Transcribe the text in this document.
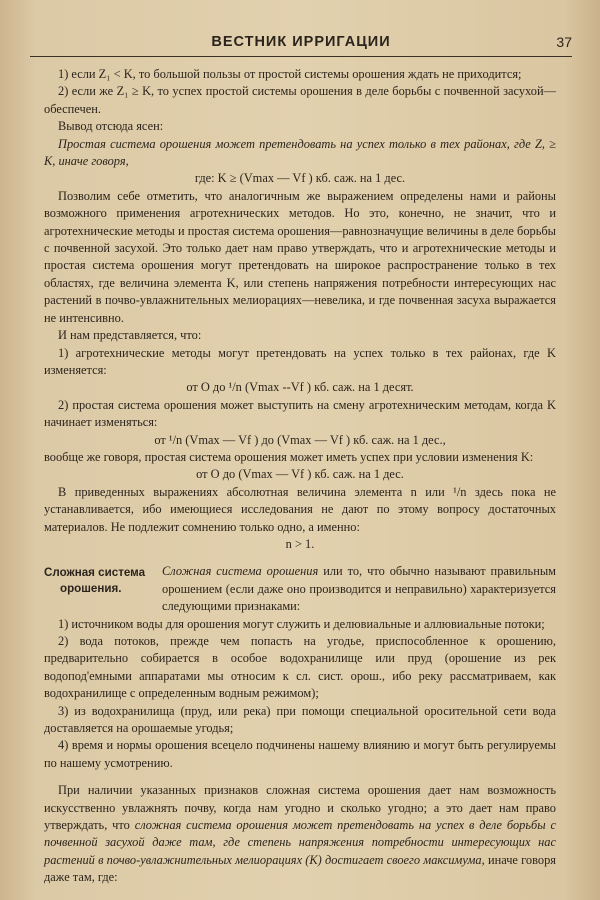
ВЕСТНИК ИРРИГАЦИИ	37

1) если Z₁ < K, то большой пользы от простой системы орошения ждать не приходится;

2) если же Z₁ ≥ K, то успех простой системы орошения в деле борьбы с почвенной засухой—обеспечен.

Вывод отсюда ясен:

Простая система орошения может претендовать на успех только в тех районах, где Z, ≥ K, иначе говоря,

где: K ≥ (Vmax — Vf ) кб. саж. на 1 дес.

Позволим себе отметить, что аналогичным же выражением определены нами и районы возможного применения агротехнических методов. Но это, конечно, не значит, что и агротехнические методы и простая система орошения—равнозначущие величины в деле борьбы с почвенной засухой. Это только дает нам право утверждать, что и агротехнические методы и простая система орошения могут претендовать на широкое распространение только в тех областях, где величина элемента K, или степень напряжения потребности интересующих нас растений в почво-увлажнительных мелиорациях—невелика, и где почвенная засуха выражается не интенсивно.

И нам представляется, что:

1) агротехнические методы могут претендовать на успех только в тех районах, где K изменяется:

от О до ¹/n (Vmax --Vf ) кб. саж. на 1 десят.

2) простая система орошения может выступить на смену агротехническим методам, когда K начинает изменяться:

от ¹/n (Vmax — Vf ) до (Vmax — Vf ) кб. саж. на 1 дес.,

вообще же говоря, простая система орошения может иметь успех при условии изменения K:

от О до (Vmax — Vf ) кб. саж. на 1 дес.

В приведенных выражениях абсолютная величина элемента n или ¹/n здесь пока не устанавливается, ибо имеющиеся исследования не дают по этому вопросу достаточных материалов. Не подлежит сомнению только одно, а именно:

n > 1.

Сложная система
орошения.

Сложная система орошения или то, что обычно называют правильным орошением (если даже оно производится и неправильно) характеризуется следующими признаками:

1) источником воды для орошения могут служить и делювиальные и аллювиальные потоки;

2) вода потоков, прежде чем попасть на угодье, приспособленное к орошению, предварительно собирается в особое водохранилище или пруд (орошение из рек водопод'емными аппаратами мы относим к сл. сист. орош., ибо реку рассматриваем, как водохранилище с определенным водным режимом);

3) из водохранилища (пруд, или река) при помощи специальной оросительной сети вода доставляется на орошаемые угодья;

4) время и нормы орошения всецело подчинены нашему влиянию и могут быть регулируемы по нашему усмотрению.

При наличии указанных признаков сложная система орошения дает нам возможность искусственно увлажнять почву, когда нам угодно и сколько угодно; а это дает нам право утверждать, что сложная система орошения может претендовать на успех в деле борьбы с почвенной засухой даже там, где степень напряжения потребности интересующих нас растений в почво-увлажнительных мелиорациях (K) достигает своего максимума, иначе говоря даже там, где:
